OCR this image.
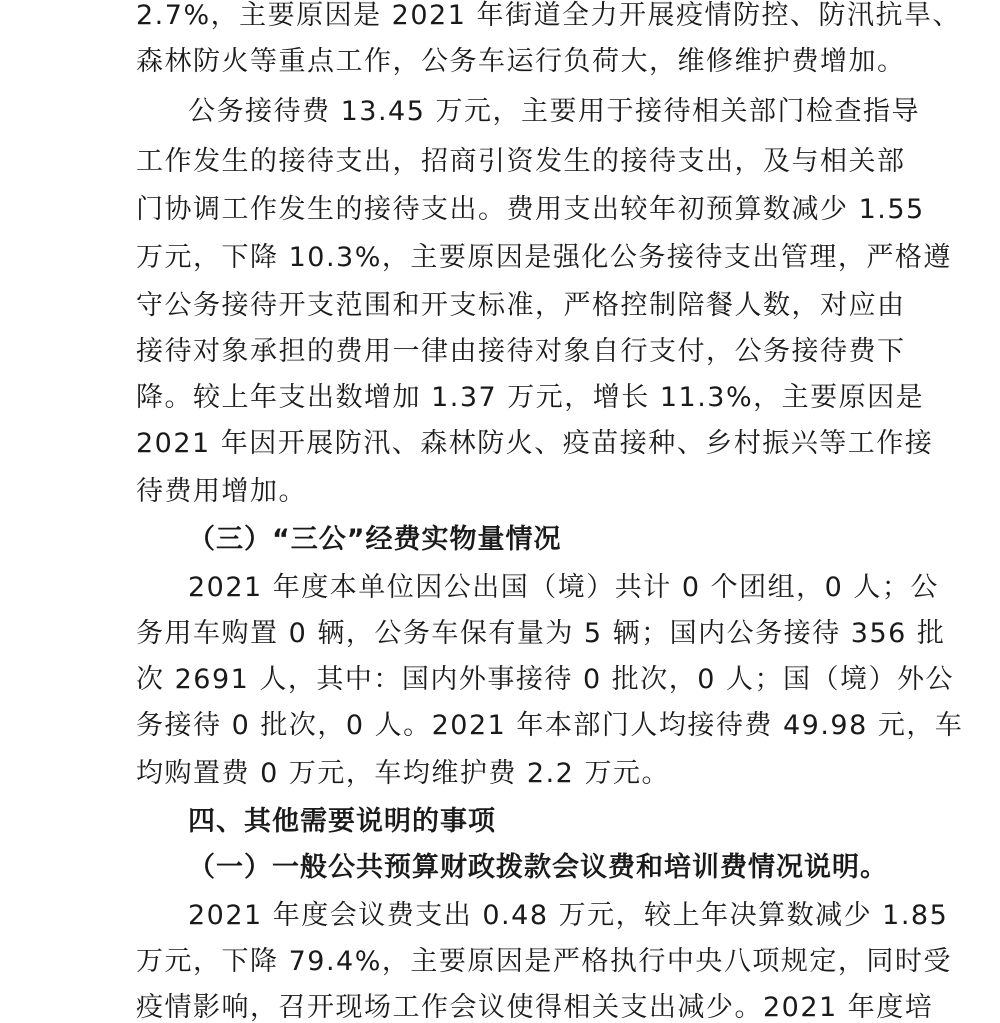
2.7%，主要原因是 2021 年街道全力开展疫情防控、防汛抗旱、
森林防火等重点工作，公务车运行负荷大，维修维护费增加。
公务接待费 13.45 万元，主要用于接待相关部门检查指导
工作发生的接待支出，招商引资发生的接待支出，及与相关部
门协调工作发生的接待支出。费用支出较年初预算数减少 1.55
万元，下降 10.3%，主要原因是强化公务接待支出管理，严格遵
守公务接待开支范围和开支标准，严格控制陪餐人数，对应由
接待对象承担的费用一律由接待对象自行支付，公务接待费下
降。较上年支出数增加 1.37 万元，增长 11.3%，主要原因是
2021 年因开展防汛、森林防火、疫苗接种、乡村振兴等工作接
待费用增加。
（三）“三公”经费实物量情况
2021 年度本单位因公出国（境）共计 0 个团组，0 人；公
务用车购置 0 辆，公务车保有量为 5 辆；国内公务接待 356 批
次 2691 人，其中：国内外事接待 0 批次，0 人；国（境）外公
务接待 0 批次，0 人。2021 年本部门人均接待费 49.98 元，车
均购置费 0 万元，车均维护费 2.2 万元。
四、其他需要说明的事项
（一）一般公共预算财政拨款会议费和培训费情况说明。
2021 年度会议费支出 0.48 万元，较上年决算数减少 1.85
万元，下降 79.4%，主要原因是严格执行中央八项规定，同时受
疫情影响，召开现场工作会议使得相关支出减少。2021 年度培
